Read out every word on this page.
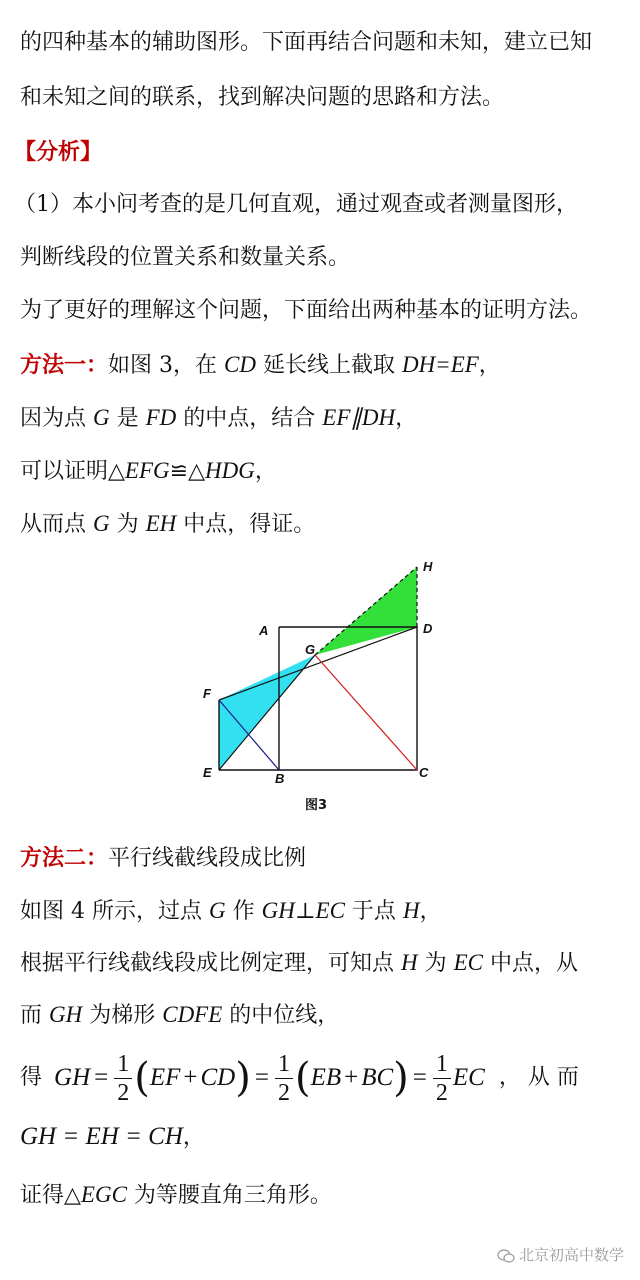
的四种基本的辅助图形。下面再结合问题和未知，建立已知
和未知之间的联系，找到解决问题的思路和方法。
【分析】
（1）本小问考查的是几何直观，通过观查或者测量图形，
判断线段的位置关系和数量关系。
为了更好的理解这个问题，下面给出两种基本的证明方法。
方法一：如图 3，在 CD 延长线上截取 DH=EF，
因为点 G 是 FD 的中点，结合 EF∥DH，
可以证明△EFG≌△HDG，
从而点 G 为 EH 中点，得证。
A
B	C
D
E
F
G
H
图3
方法二：平行线截线段成比例
如图 4 所示，过点 G 作 GH⊥EC 于点 H，
根据平行线截线段成比例定理，可知点 H 为 EC 中点，从
而 GH 为梯形 CDFE 的中位线，
得 GH = $\frac{1}{2}$ ( EF + CD ) = $\frac{1}{2}$ ( EB + BC ) = $\frac{1}{2}$ EC ， 从 而
GH = EH = CH，
证得△EGC 为等腰直角三角形。
北京初高中数学
